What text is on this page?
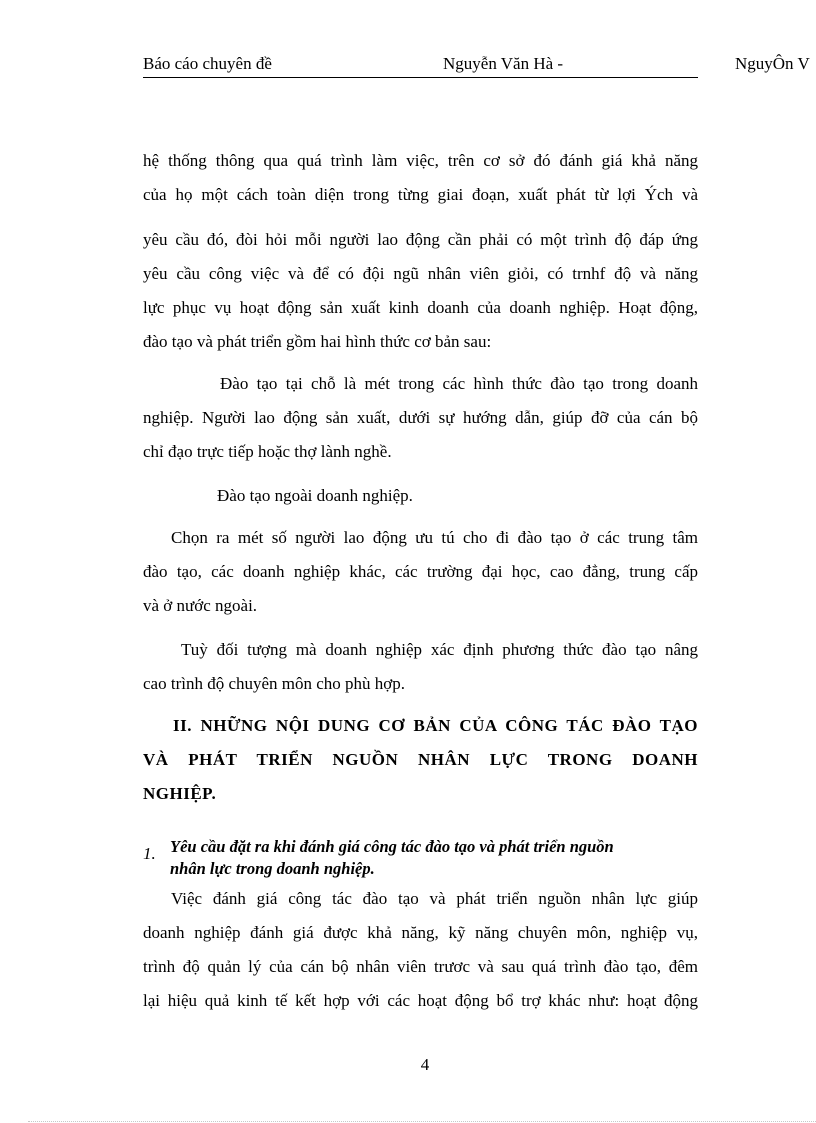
Báo cáo chuyên đề	Nguyễn Văn Hà -	NguyÔn V
hệ thống thông qua quá trình làm việc, trên cơ sở đó đánh giá khả năng
của họ một cách toàn diện trong từng giai đoạn, xuất phát từ lợi Ých và
yêu cầu đó, đòi hỏi mỗi người lao động cần phải có một trình độ đáp ứng
yêu cầu công việc và để có đội ngũ nhân viên giỏi, có trnhf độ và năng
lực phục vụ hoạt động sản xuất kinh doanh của doanh nghiệp. Hoạt động,
đào tạo và phát triển gồm hai hình thức cơ bản sau:
Đào tạo tại chỗ là mét trong các hình thức đào tạo trong doanh
nghiệp. Người lao động sản xuất, dưới sự hướng dẫn, giúp đỡ của cán bộ
chỉ đạo trực tiếp hoặc thợ lành nghề.
Đào tạo ngoài doanh nghiệp.
Chọn ra mét số người lao động ưu tú cho đi đào tạo ở các trung tâm
đào tạo, các doanh nghiệp khác, các trường đại học, cao đẳng, trung cấp
và ở nước ngoài.
Tuỳ đối tượng mà doanh nghiệp xác định phương thức đào tạo nâng
cao trình độ chuyên môn cho phù hợp.
II. NHỮNG NỘI DUNG CƠ BẢN CỦA CÔNG TÁC ĐÀO TẠO
VÀ PHÁT TRIỂN NGUỒN NHÂN LỰC TRONG DOANH
NGHIỆP.
1. Yêu cầu đặt ra khi đánh giá công tác đào tạo và phát triển nguồn
nhân lực trong doanh nghiệp.
Việc đánh giá công tác đào tạo và phát triển nguồn nhân lực giúp
doanh nghiệp đánh giá được khả năng, kỹ năng chuyên môn, nghiệp vụ,
trình độ quản lý của cán bộ nhân viên trươc và sau quá trình đào tạo, đêm
lại hiệu quả kinh tế kết hợp với các hoạt động bổ trợ khác như: hoạt động
4
